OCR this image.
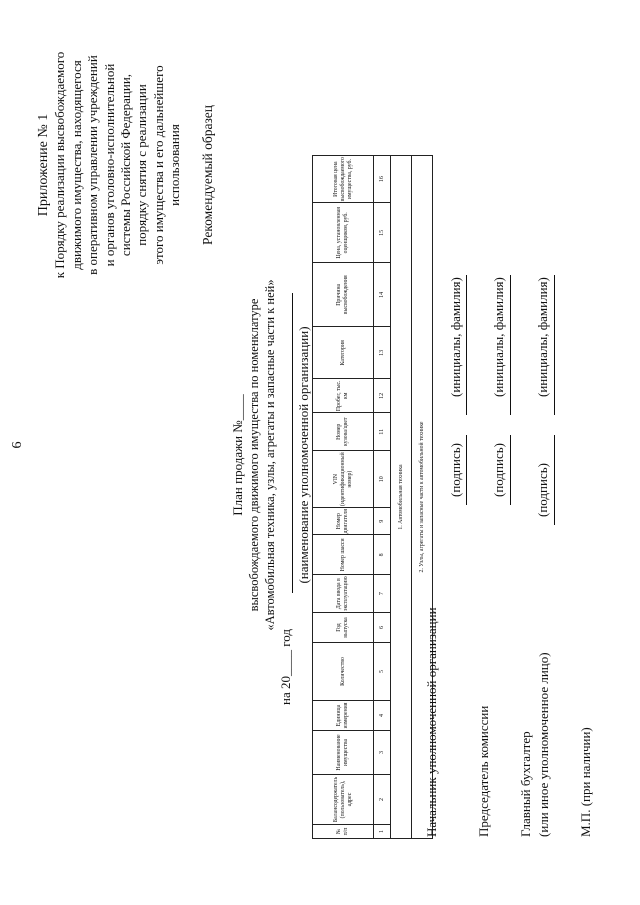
6
Приложение № 1 к Порядку реализации высвобождаемого движимого имущества, находящегося в оперативном управлении учреждений и органов уголовно-исполнительной системы Российской Федерации, порядку снятия с реализации этого имущества и его дальнейшего использования Рекомендуемый образец
План продажи №____ высвобождаемого движимого имущества по номенклатуре «Автомобильная техника, узлы, агрегаты и запасные части к ней»
на 20____ год
(наименование уполномоченной организации)
№ п/п	Балансодержатель (пользователь), адрес	Наименование имущества	Единица измерения	Количество	Год выпуска	Дата ввода в эксплуатацию	Номер шасси	Номер двигателя	VIN (идентификационный номер)	Номер кузова/цвет	Пробег, тыс. км	Категория	Причина высвобождения	Цена, установленная оценщиком, руб.	Итоговая цена высвобождаемого имущества, руб.
1	2	3	4	5	6	7	8	9	10	11	12	13	14	15	16
1. Автомобильная техника															
2. Узлы, агрегаты и запасные части к автомобильной технике															
Начальник уполномоченной организации
(подпись)
(инициалы, фамилия)
Председатель комиссии
(подпись)
(инициалы, фамилия)
Главный бухгалтер (или иное уполномоченное лицо)
(подпись)
(инициалы, фамилия)
М.П. (при наличии)
